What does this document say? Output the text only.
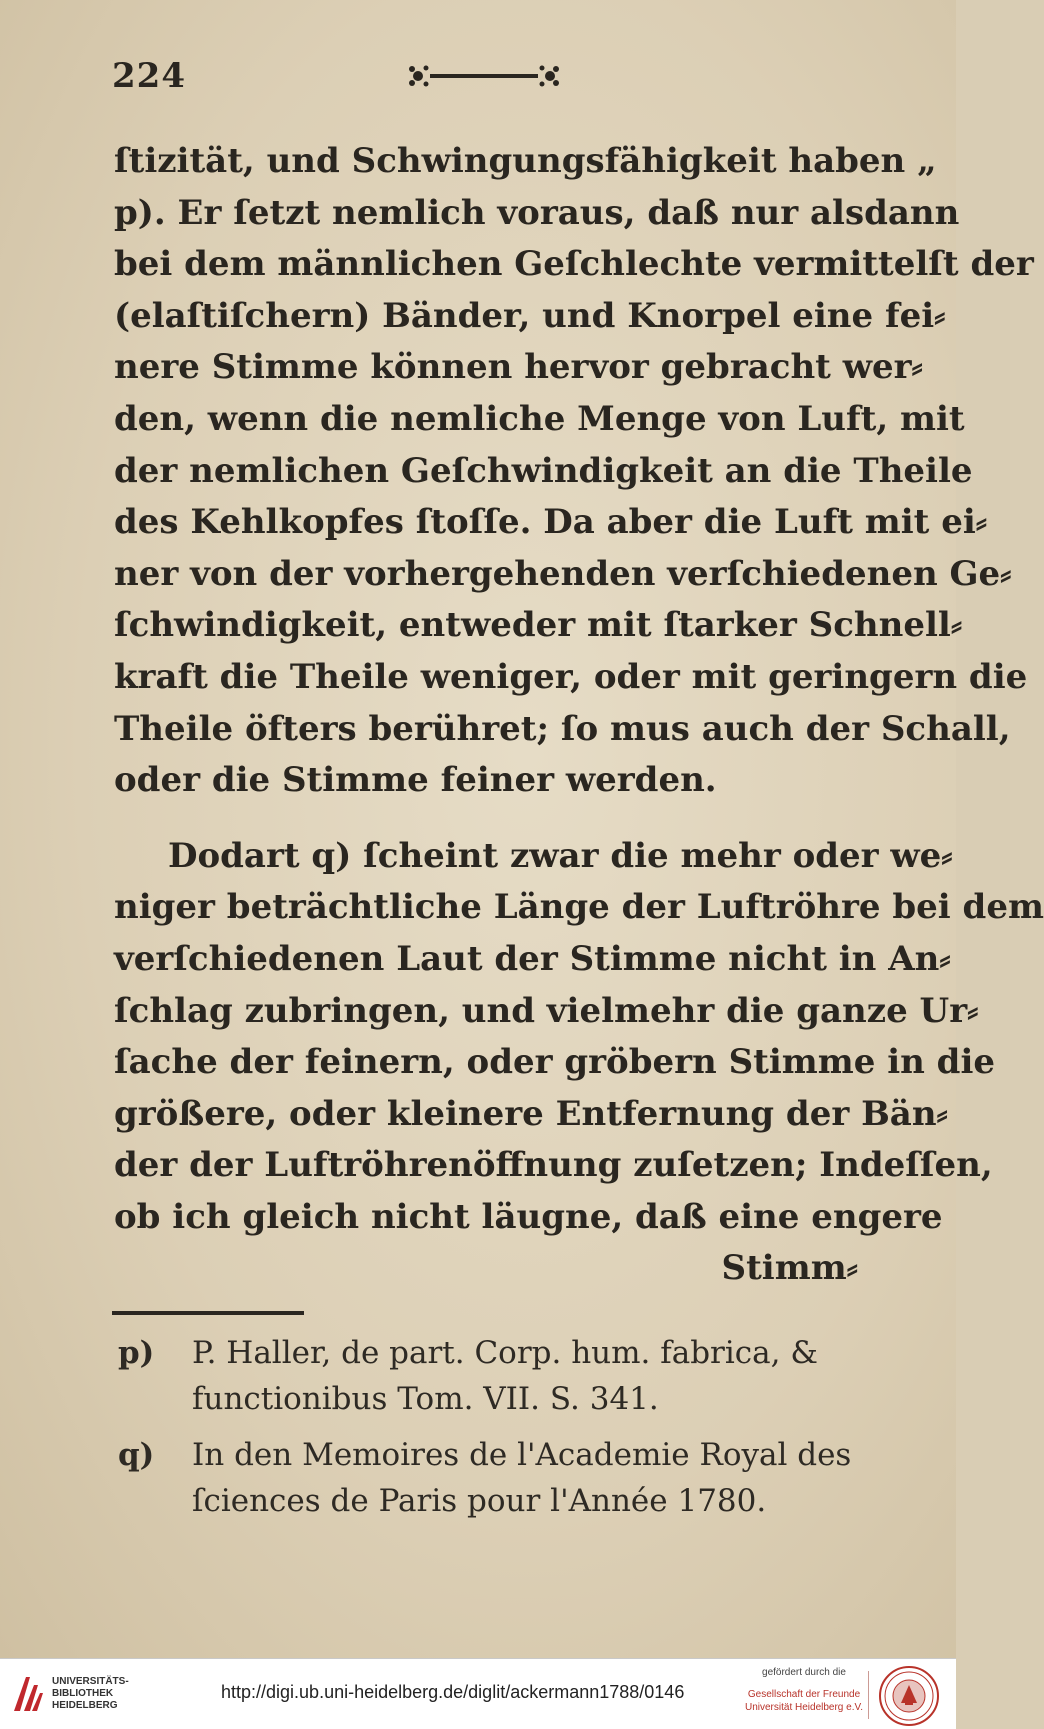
224
ſtizität, und Schwingungsfähigkeit haben „
p). Er ſetzt nemlich voraus, daß nur alsdann
bei dem männlichen Geſchlechte vermittelſt der
(elaſtiſchern) Bänder, und Knorpel eine fei⸗
nere Stimme können hervor gebracht wer⸗
den, wenn die nemliche Menge von Luft, mit
der nemlichen Geſchwindigkeit an die Theile
des Kehlkopfes ſtoſſe. Da aber die Luft mit ei⸗
ner von der vorhergehenden verſchiedenen Ge⸗
ſchwindigkeit, entweder mit ſtarker Schnell⸗
kraft die Theile weniger, oder mit geringern die
Theile öfters berühret; ſo mus auch der Schall,
oder die Stimme feiner werden.
Dodart q) ſcheint zwar die mehr oder we⸗
niger beträchtliche Länge der Luftröhre bei dem
verſchiedenen Laut der Stimme nicht in An⸗
ſchlag zubringen, und vielmehr die ganze Ur⸗
ſache der feinern, oder gröbern Stimme in die
größere, oder kleinere Entfernung der Bän⸗
der der Luftröhrenöffnung zuſetzen; Indeſſen,
ob ich gleich nicht läugne, daß eine engere
Stimm⸗
p) P. Haller, de part. Corp. hum. fabrica, &
functionibus Tom. VII. S. 341.
q) In den Memoires de l'Academie Royal des
ſciences de Paris pour l'Année 1780.
UNIVERSITÄTS-
BIBLIOTHEK
HEIDELBERG
http://digi.ub.uni-heidelberg.de/diglit/ackermann1788/0146
gefördert durch die
Gesellschaft der Freunde
Universität Heidelberg e.V.
